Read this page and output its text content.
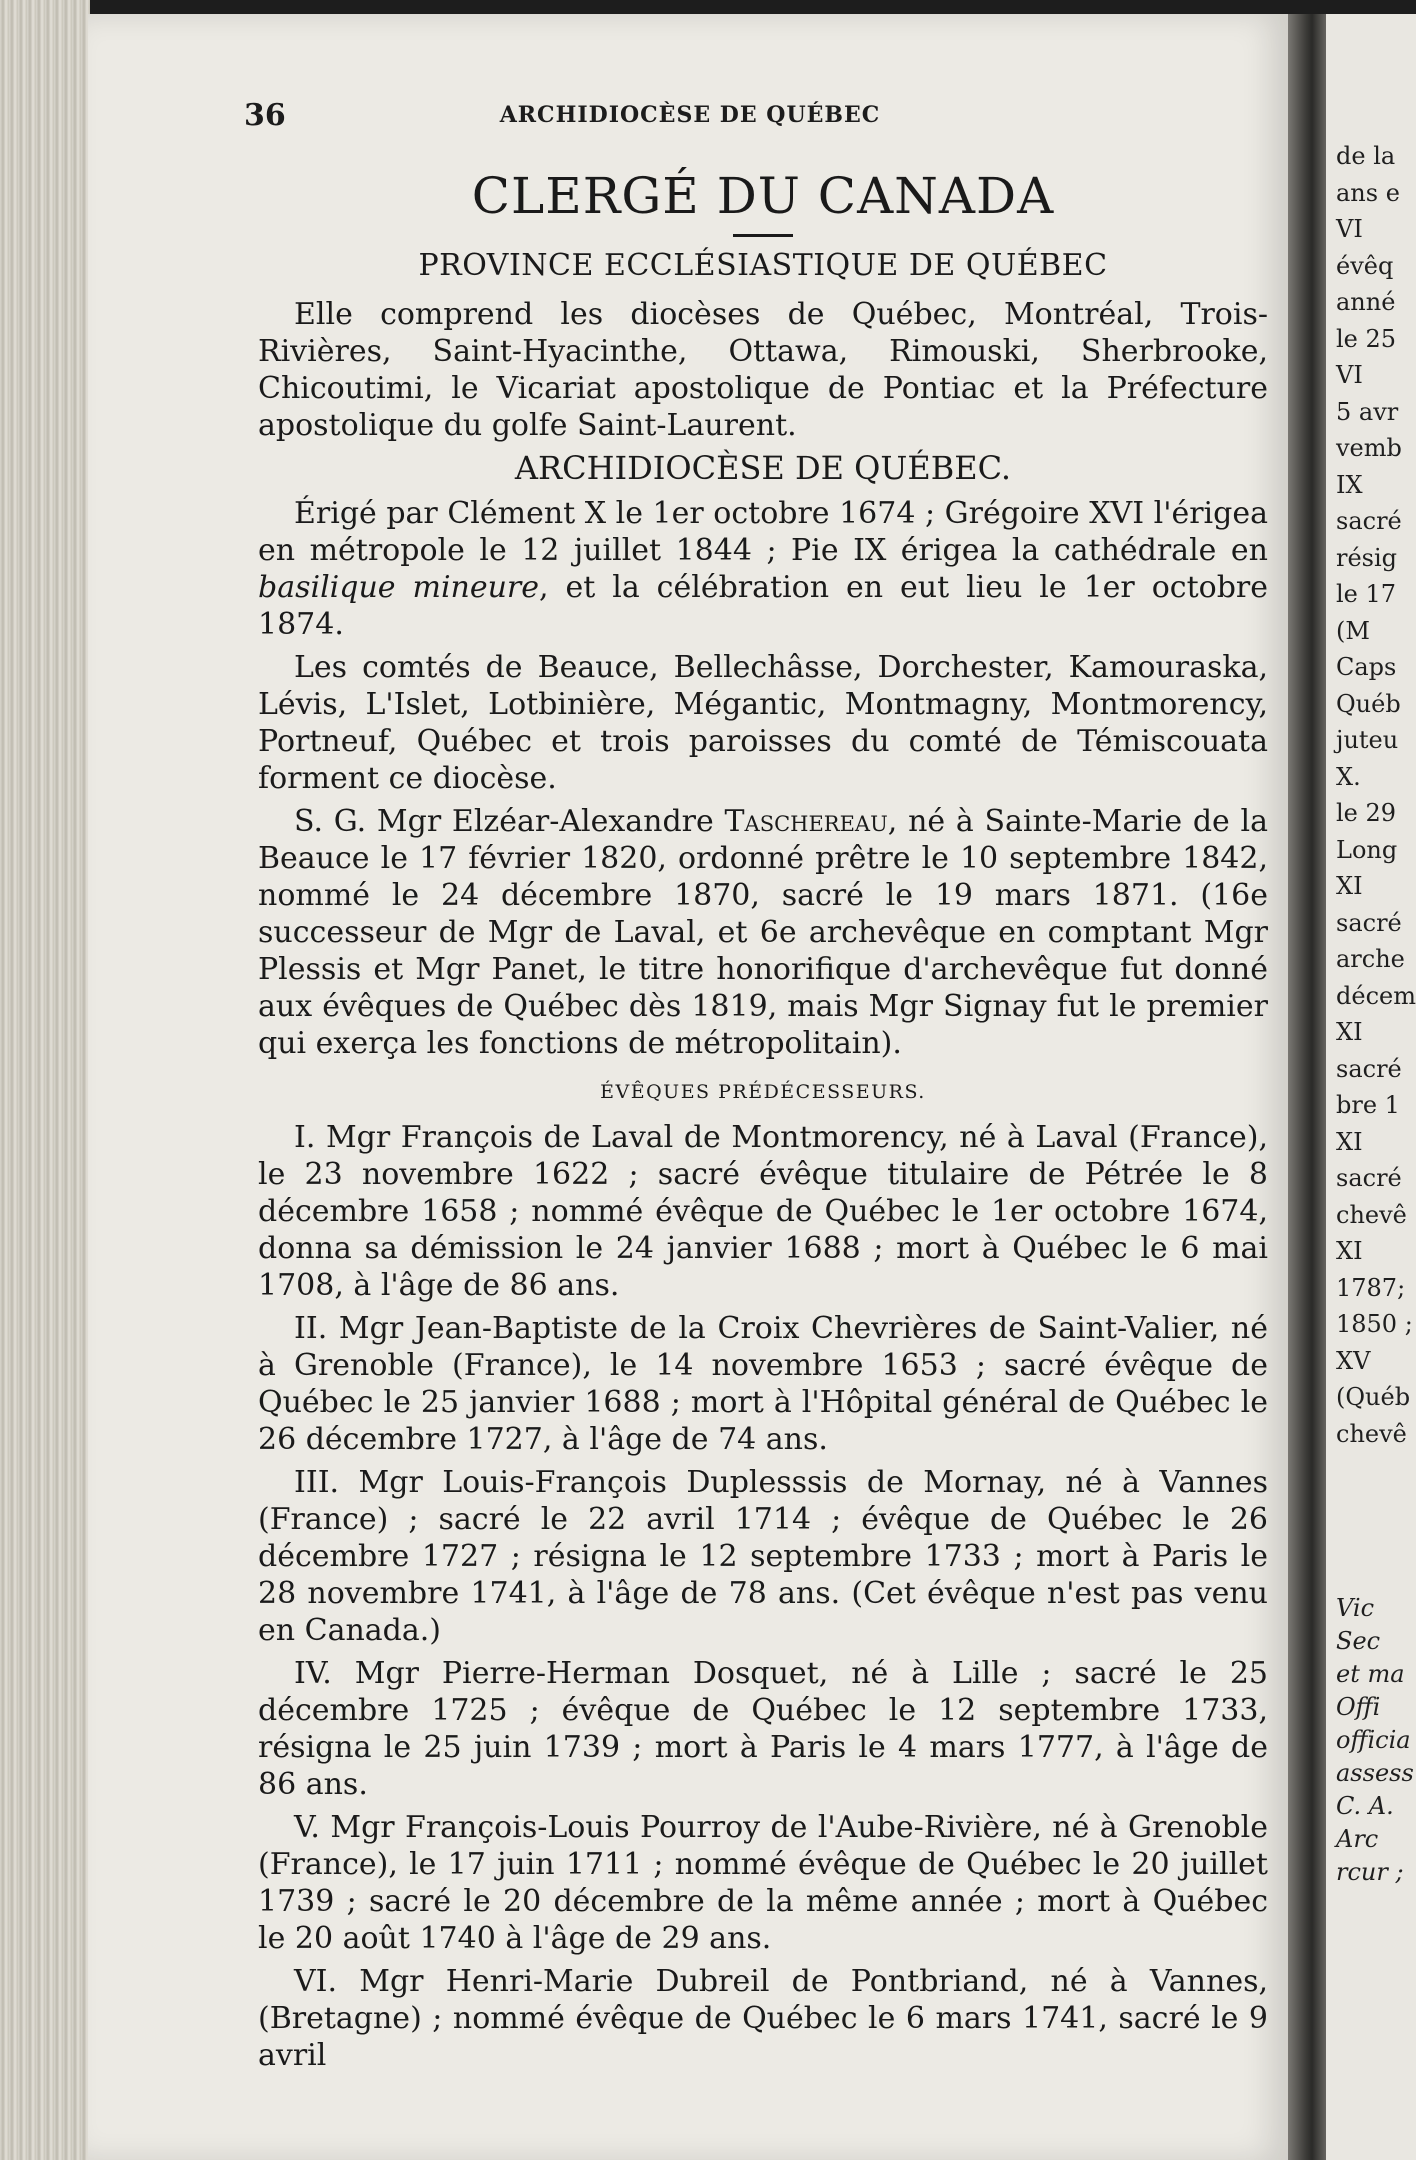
de la
ans e
VI
évêq
anné
le 25
VI
5 avr
vemb
IX
sacré
résig
le 17
(M
Caps
Québ
juteu
X.
le 29
Long
XI
sacré
arche
décem
XI
sacré
bre 1
XI
sacré
chevê
XI
1787;
1850 ;
XV
(Québ
chevê
Vic
Sec
et ma
Offi
officia
assess
C. A.
Arc
rcur ;
36	ARCHIDIOCÈSE DE QUÉBEC
CLERGÉ DU CANADA
PROVINCE ECCLÉSIASTIQUE DE QUÉBEC

Elle comprend les diocèses de Québec, Montréal, Trois-Rivières, Saint-Hyacinthe, Ottawa, Rimouski, Sherbrooke, Chicoutimi, le Vicariat apostolique de Pontiac et la Préfecture apostolique du golfe Saint-Laurent.

ARCHIDIOCÈSE DE QUÉBEC.

Érigé par Clément X le 1er octobre 1674 ; Grégoire XVI l'érigea en métropole le 12 juillet 1844 ; Pie IX érigea la cathédrale en basilique mineure, et la célébration en eut lieu le 1er octobre 1874.

Les comtés de Beauce, Bellechâsse, Dorchester, Kamouraska, Lévis, L'Islet, Lotbinière, Mégantic, Montmagny, Montmorency, Portneuf, Québec et trois paroisses du comté de Témiscouata forment ce diocèse.

S. G. Mgr Elzéar-Alexandre Taschereau, né à Sainte-Marie de la Beauce le 17 février 1820, ordonné prêtre le 10 septembre 1842, nommé le 24 décembre 1870, sacré le 19 mars 1871. (16e successeur de Mgr de Laval, et 6e archevêque en comptant Mgr Plessis et Mgr Panet, le titre honorifique d'archevêque fut donné aux évêques de Québec dès 1819, mais Mgr Signay fut le premier qui exerça les fonctions de métropolitain).

ÉVÊQUES PRÉDÉCESSEURS.

I. Mgr François de Laval de Montmorency, né à Laval (France), le 23 novembre 1622 ; sacré évêque titulaire de Pétrée le 8 décembre 1658 ; nommé évêque de Québec le 1er octobre 1674, donna sa démission le 24 janvier 1688 ; mort à Québec le 6 mai 1708, à l'âge de 86 ans.

II. Mgr Jean-Baptiste de la Croix Chevrières de Saint-Valier, né à Grenoble (France), le 14 novembre 1653 ; sacré évêque de Québec le 25 janvier 1688 ; mort à l'Hôpital général de Québec le 26 décembre 1727, à l'âge de 74 ans.

III. Mgr Louis-François Duplesssis de Mornay, né à Vannes (France) ; sacré le 22 avril 1714 ; évêque de Québec le 26 décembre 1727 ; résigna le 12 septembre 1733 ; mort à Paris le 28 novembre 1741, à l'âge de 78 ans. (Cet évêque n'est pas venu en Canada.)

IV. Mgr Pierre-Herman Dosquet, né à Lille ; sacré le 25 décembre 1725 ; évêque de Québec le 12 septembre 1733, résigna le 25 juin 1739 ; mort à Paris le 4 mars 1777, à l'âge de 86 ans.

V. Mgr François-Louis Pourroy de l'Aube-Rivière, né à Grenoble (France), le 17 juin 1711 ; nommé évêque de Québec le 20 juillet 1739 ; sacré le 20 décembre de la même année ; mort à Québec le 20 août 1740 à l'âge de 29 ans.

VI. Mgr Henri-Marie Dubreil de Pontbriand, né à Vannes, (Bretagne) ; nommé évêque de Québec le 6 mars 1741, sacré le 9 avril
